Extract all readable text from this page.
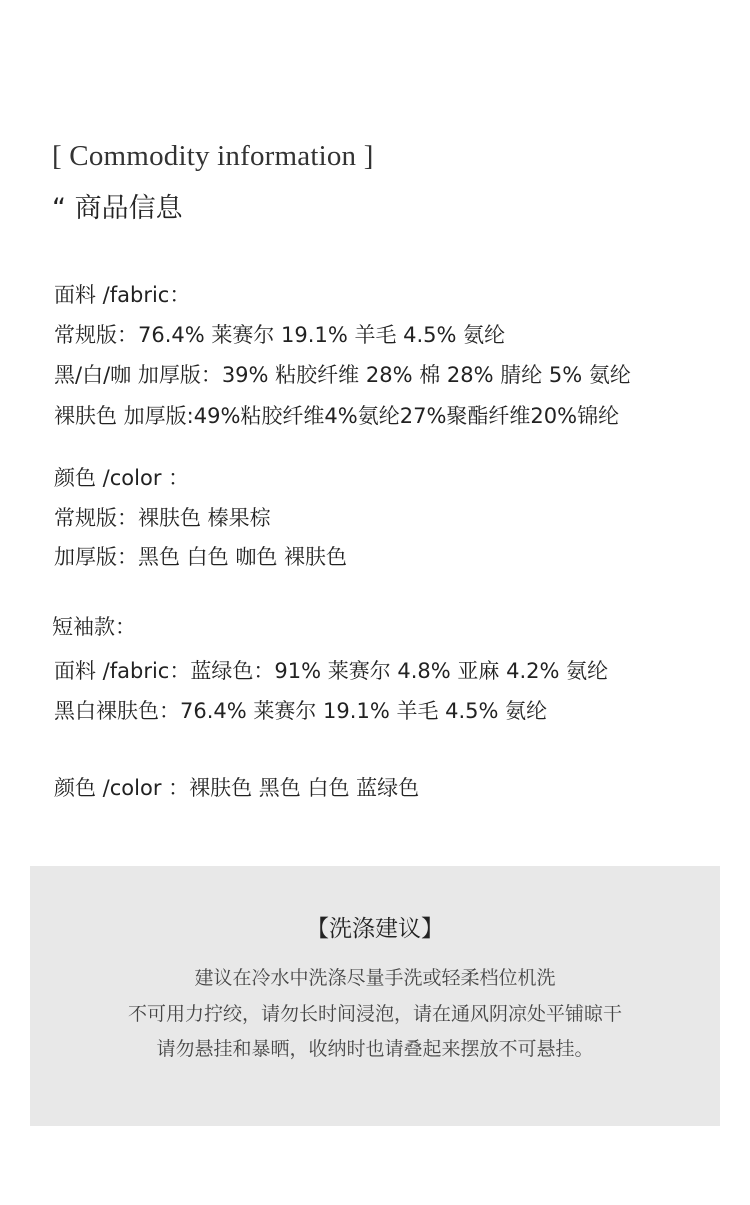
[ Commodity information ]
“ 商品信息
面料 /fabric：
常规版：76.4% 莱赛尔 19.1% 羊毛 4.5% 氨纶
黑/白/咖 加厚版：39% 粘胶纤维 28% 棉 28% 腈纶 5% 氨纶
裸肤色 加厚版:49%粘胶纤维4%氨纶27%聚酯纤维20%锦纶
颜色 /color ：
常规版：裸肤色 榛果棕
加厚版：黑色 白色 咖色 裸肤色
短袖款：
面料 /fabric：蓝绿色：91% 莱赛尔 4.8% 亚麻 4.2% 氨纶
黑白裸肤色：76.4% 莱赛尔 19.1% 羊毛 4.5% 氨纶
颜色 /color ：裸肤色 黑色 白色 蓝绿色
【洗涤建议】
建议在冷水中洗涤尽量手洗或轻柔档位机洗
不可用力拧绞，请勿长时间浸泡，请在通风阴凉处平铺晾干
请勿悬挂和暴晒，收纳时也请叠起来摆放不可悬挂。
